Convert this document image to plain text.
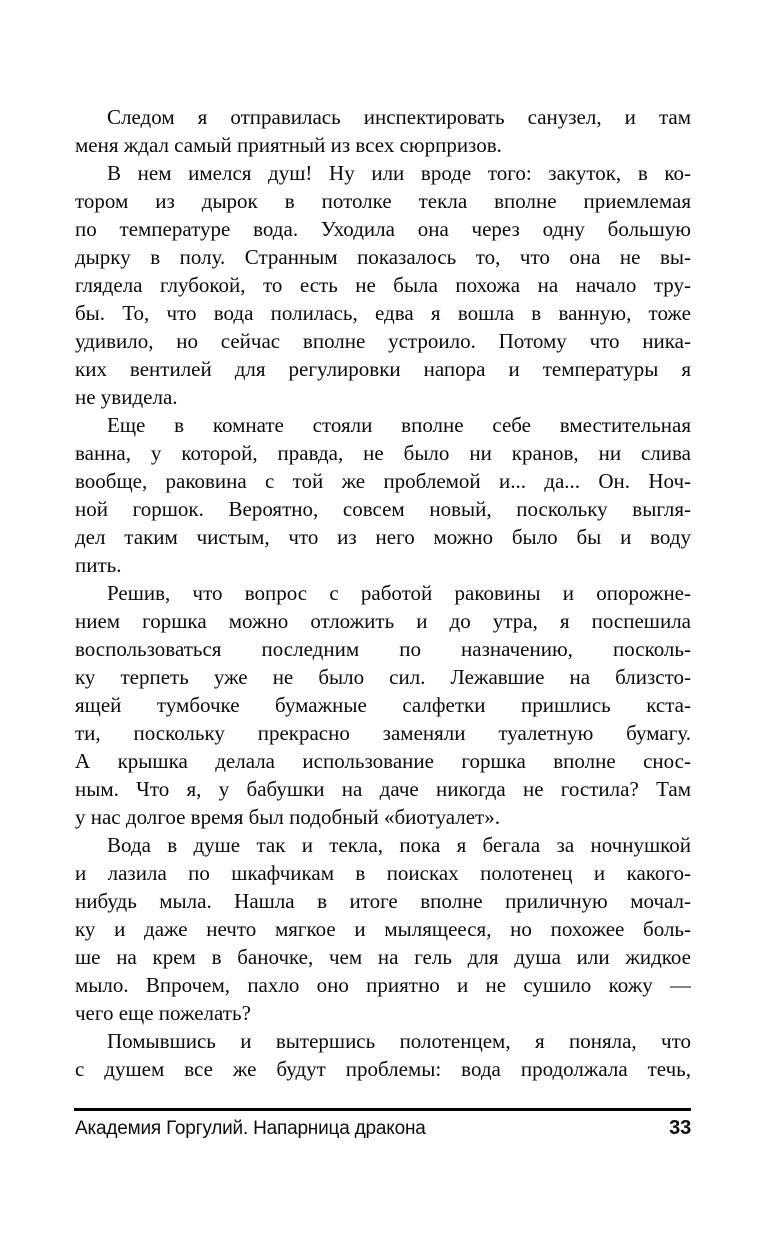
Следом я отправилась инспектировать санузел, и там
меня ждал самый приятный из всех сюрпризов.

В нем имелся душ! Ну или вроде того: закуток, в ко-
тором из дырок в потолке текла вполне приемлемая
по температуре вода. Уходила она через одну большую
дырку в полу. Странным показалось то, что она не вы-
глядела глубокой, то есть не была похожа на начало тру-
бы. То, что вода полилась, едва я вошла в ванную, тоже
удивило, но сейчас вполне устроило. Потому что ника-
ких вентилей для регулировки напора и температуры я
не увидела.

Еще в комнате стояли вполне себе вместительная
ванна, у которой, правда, не было ни кранов, ни слива
вообще, раковина с той же проблемой и... да... Он. Ноч-
ной горшок. Вероятно, совсем новый, поскольку выгля-
дел таким чистым, что из него можно было бы и воду
пить.

Решив, что вопрос с работой раковины и опорожне-
нием горшка можно отложить и до утра, я поспешила
воспользоваться последним по назначению, посколь-
ку терпеть уже не было сил. Лежавшие на близсто-
ящей тумбочке бумажные салфетки пришлись кста-
ти, поскольку прекрасно заменяли туалетную бумагу.
А крышка делала использование горшка вполне снос-
ным. Что я, у бабушки на даче никогда не гостила? Там
у нас долгое время был подобный «биотуалет».

Вода в душе так и текла, пока я бегала за ночнушкой
и лазила по шкафчикам в поисках полотенец и какого-
нибудь мыла. Нашла в итоге вполне приличную мочал-
ку и даже нечто мягкое и мылящееся, но похожее боль-
ше на крем в баночке, чем на гель для душа или жидкое
мыло. Впрочем, пахло оно приятно и не сушило кожу —
чего еще пожелать?

Помывшись и вытершись полотенцем, я поняла, что
с душем все же будут проблемы: вода продолжала течь,

Академия Горгулий. Напарница дракона	33
